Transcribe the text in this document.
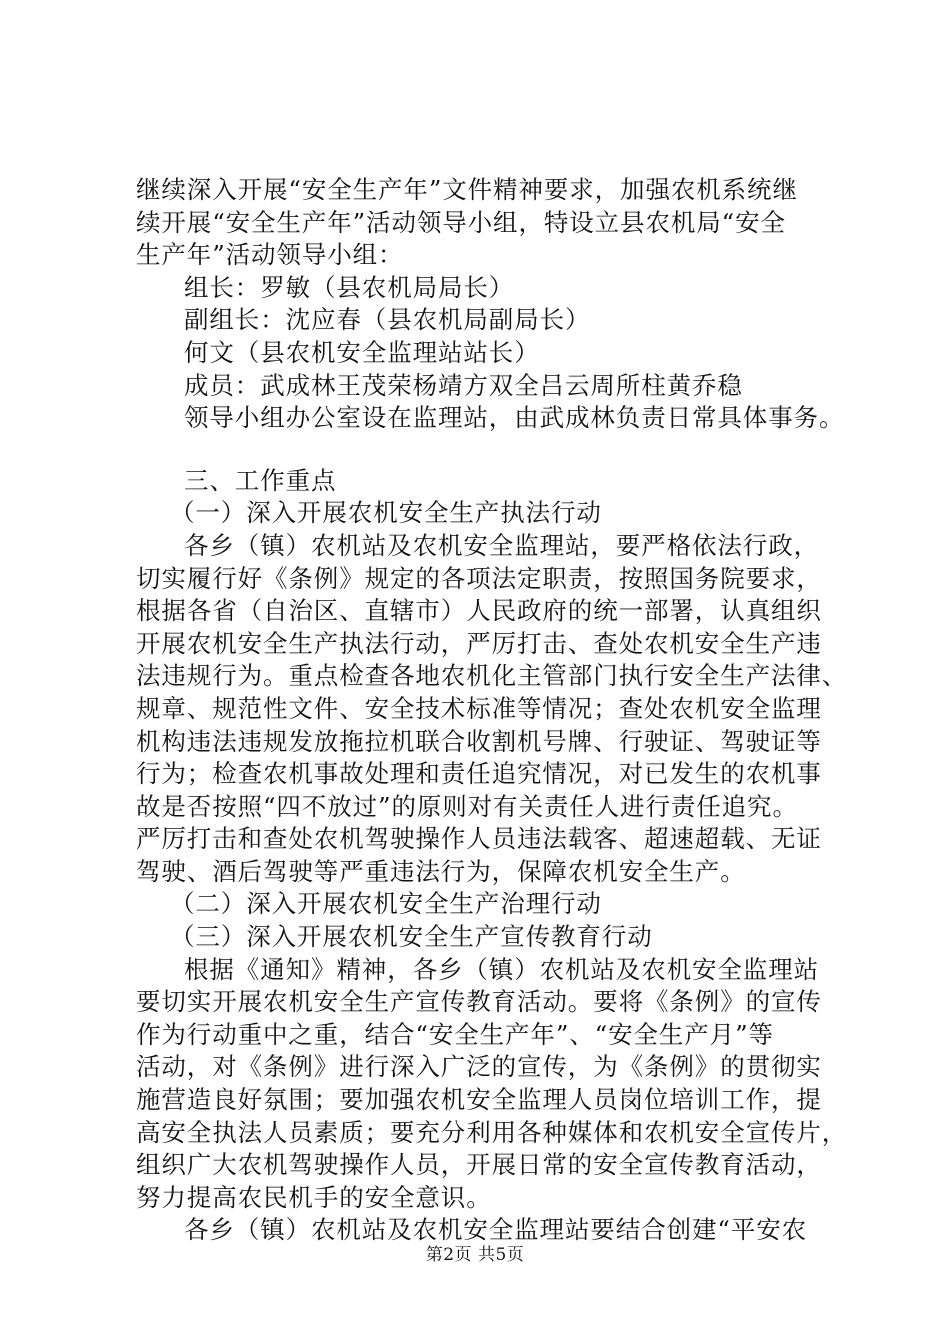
继续深入开展“安全生产年”文件精神要求，加强农机系统继
续开展“安全生产年”活动领导小组，特设立县农机局“安全
生产年”活动领导小组：
组长：罗敏（县农机局局长）
副组长：沈应春（县农机局副局长）
何文（县农机安全监理站站长）
成员：武成林王茂荣杨靖方双全吕云周所柱黄乔稳
领导小组办公室设在监理站，由武成林负责日常具体事务。
三、工作重点
（一）深入开展农机安全生产执法行动
各乡（镇）农机站及农机安全监理站，要严格依法行政，
切实履行好《条例》规定的各项法定职责，按照国务院要求，
根据各省（自治区、直辖市）人民政府的统一部署，认真组织
开展农机安全生产执法行动，严厉打击、查处农机安全生产违
法违规行为。重点检查各地农机化主管部门执行安全生产法律、
规章、规范性文件、安全技术标准等情况；查处农机安全监理
机构违法违规发放拖拉机联合收割机号牌、行驶证、驾驶证等
行为；检查农机事故处理和责任追究情况，对已发生的农机事
故是否按照“四不放过”的原则对有关责任人进行责任追究。
严厉打击和查处农机驾驶操作人员违法载客、超速超载、无证
驾驶、酒后驾驶等严重违法行为，保障农机安全生产。
（二）深入开展农机安全生产治理行动
（三）深入开展农机安全生产宣传教育行动
根据《通知》精神，各乡（镇）农机站及农机安全监理站
要切实开展农机安全生产宣传教育活动。要将《条例》的宣传
作为行动重中之重，结合“安全生产年”、“安全生产月”等
活动，对《条例》进行深入广泛的宣传，为《条例》的贯彻实
施营造良好氛围；要加强农机安全监理人员岗位培训工作，提
高安全执法人员素质；要充分利用各种媒体和农机安全宣传片，
组织广大农机驾驶操作人员，开展日常的安全宣传教育活动，
努力提高农民机手的安全意识。
各乡（镇）农机站及农机安全监理站要结合创建“平安农
第2页 共5页
